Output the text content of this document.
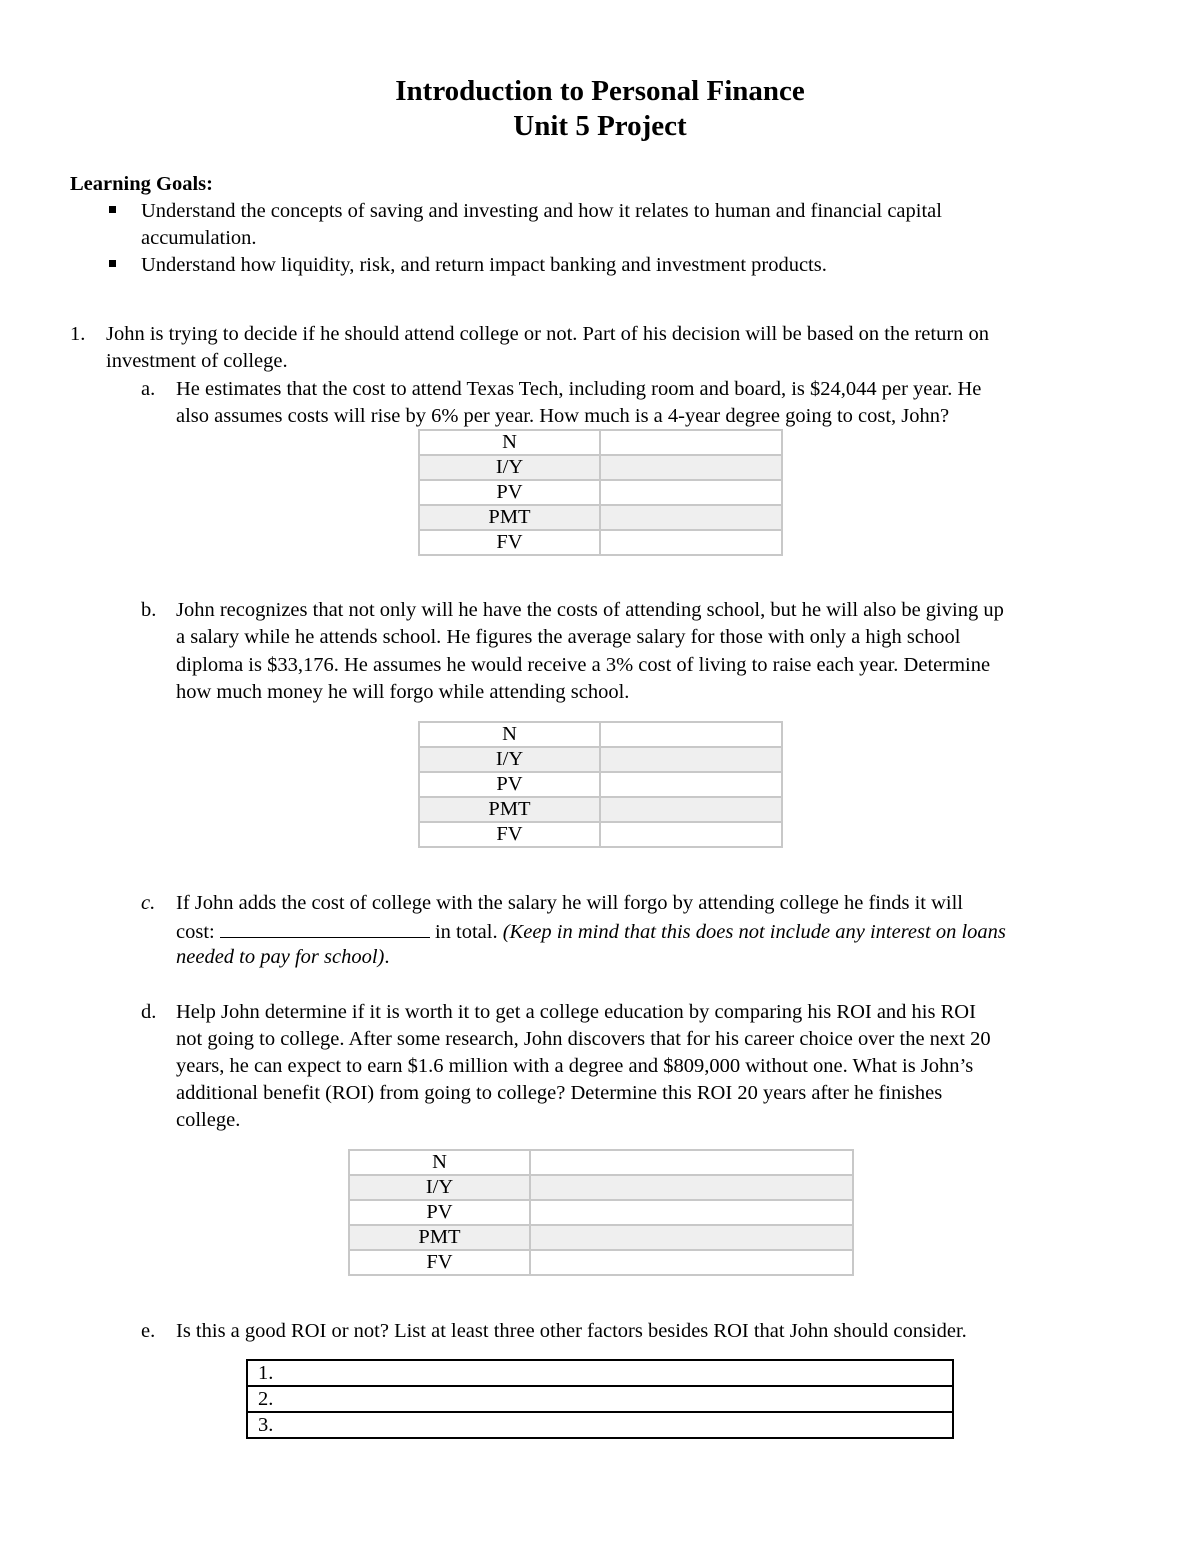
Introduction to Personal Finance
Unit 5 Project
Learning Goals:
Understand the concepts of saving and investing and how it relates to human and financial capital
accumulation.
Understand how liquidity, risk, and return impact banking and investment products.
1. John is trying to decide if he should attend college or not. Part of his decision will be based on the return on
investment of college.
a. He estimates that the cost to attend Texas Tech, including room and board, is $24,044 per year. He
also assumes costs will rise by 6% per year. How much is a 4-year degree going to cost, John?
N	
I/Y	
PV	
PMT	
FV	
b. John recognizes that not only will he have the costs of attending school, but he will also be giving up
a salary while he attends school. He figures the average salary for those with only a high school
diploma is $33,176. He assumes he would receive a 3% cost of living to raise each year. Determine
how much money he will forgo while attending school.
N	
I/Y	
PV	
PMT	
FV	
c. If John adds the cost of college with the salary he will forgo by attending college he finds it will
cost:	in total. (Keep in mind that this does not include any interest on loans
needed to pay for school).
d. Help John determine if it is worth it to get a college education by comparing his ROI and his ROI
not going to college. After some research, John discovers that for his career choice over the next 20
years, he can expect to earn $1.6 million with a degree and $809,000 without one. What is John’s
additional benefit (ROI) from going to college? Determine this ROI 20 years after he finishes
college.
N	
I/Y	
PV	
PMT	
FV	
e. Is this a good ROI or not? List at least three other factors besides ROI that John should consider.
1.
2.
3.
